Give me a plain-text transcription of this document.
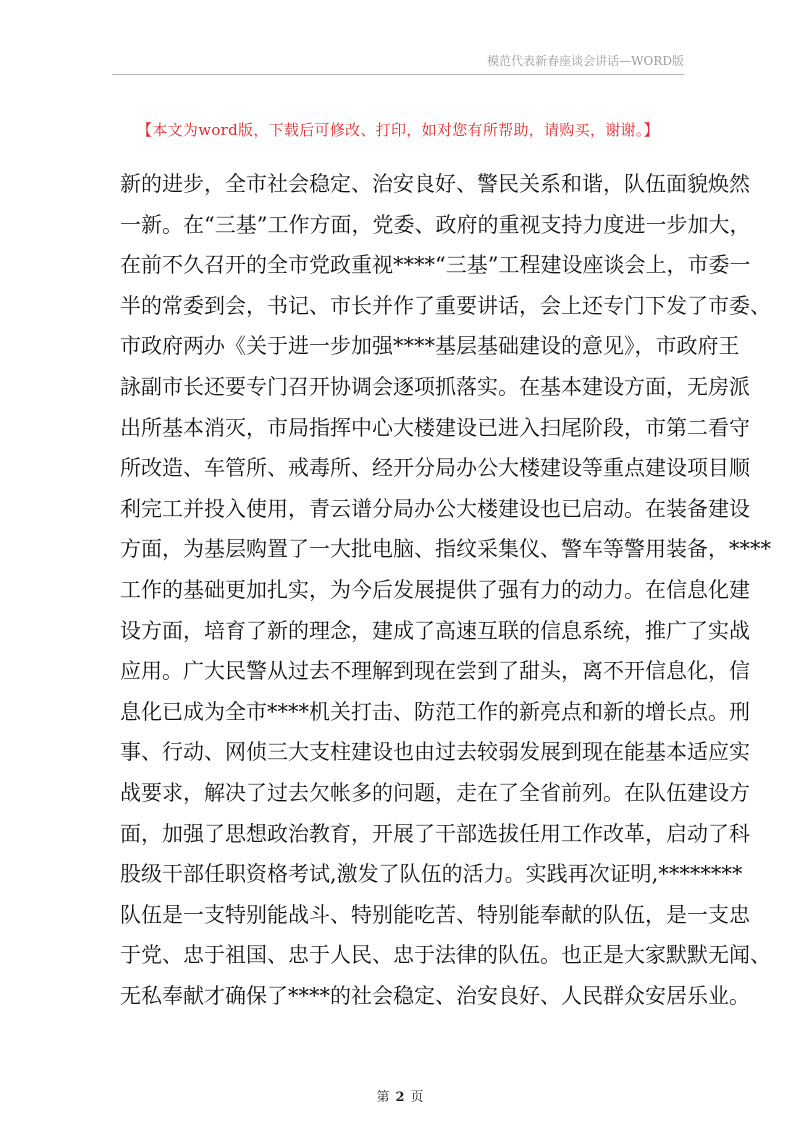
模范代表新春座谈会讲话—WORD版
【本文为word版，下载后可修改、打印，如对您有所帮助，请购买，谢谢。】
新的进步，全市社会稳定、治安良好、警民关系和谐，队伍面貌焕然
一新。在“三基”工作方面，党委、政府的重视支持力度进一步加大，
在前不久召开的全市党政重视****“三基”工程建设座谈会上，市委一
半的常委到会，书记、市长并作了重要讲话，会上还专门下发了市委、
市政府两办《关于进一步加强****基层基础建设的意见》，市政府王
詠副市长还要专门召开协调会逐项抓落实。在基本建设方面，无房派
出所基本消灭，市局指挥中心大楼建设已进入扫尾阶段，市第二看守
所改造、车管所、戒毒所、经开分局办公大楼建设等重点建设项目顺
利完工并投入使用，青云谱分局办公大楼建设也已启动。在装备建设
方面，为基层购置了一大批电脑、指纹采集仪、警车等警用装备，****
工作的基础更加扎实，为今后发展提供了强有力的动力。在信息化建
设方面，培育了新的理念，建成了高速互联的信息系统，推广了实战
应用。广大民警从过去不理解到现在尝到了甜头，离不开信息化，信
息化已成为全市****机关打击、防范工作的新亮点和新的增长点。刑
事、行动、网侦三大支柱建设也由过去较弱发展到现在能基本适应实
战要求，解决了过去欠帐多的问题，走在了全省前列。在队伍建设方
面，加强了思想政治教育，开展了干部选拔任用工作改革，启动了科
股级干部任职资格考试,激发了队伍的活力。实践再次证明,********
队伍是一支特别能战斗、特别能吃苦、特别能奉献的队伍，是一支忠
于党、忠于祖国、忠于人民、忠于法律的队伍。也正是大家默默无闻、
无私奉献才确保了****的社会稳定、治安良好、人民群众安居乐业。
第 2 页
